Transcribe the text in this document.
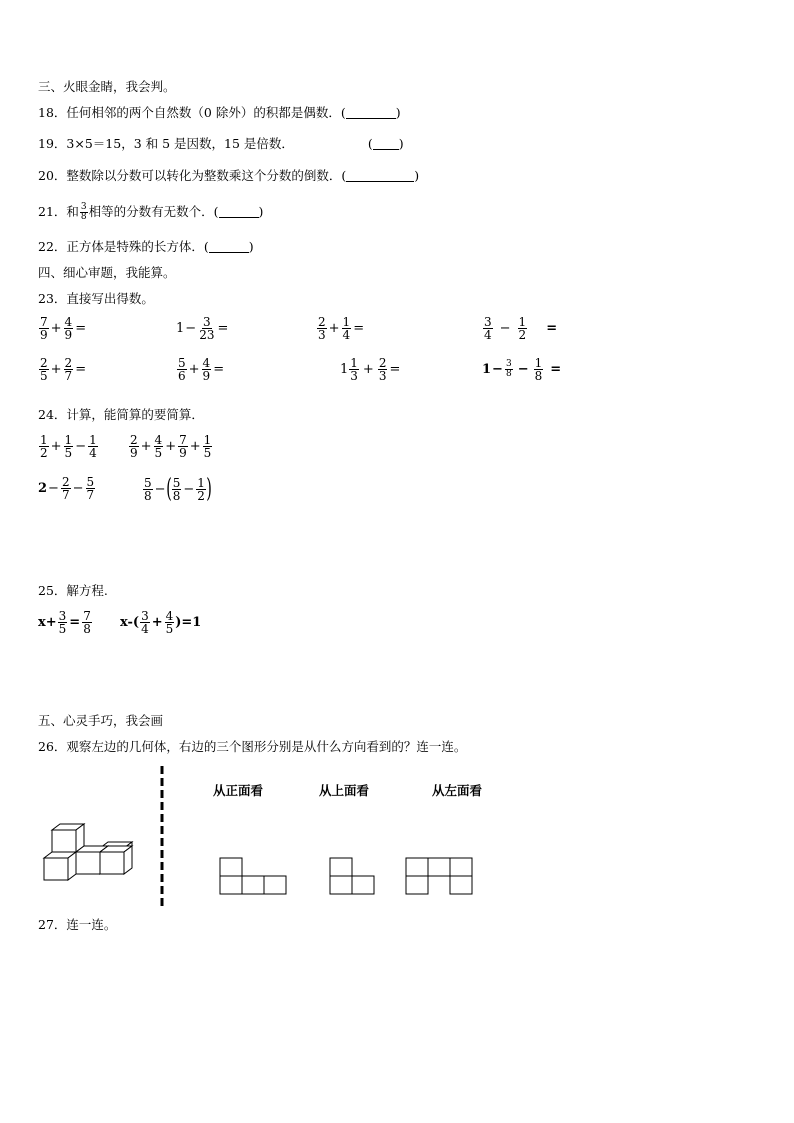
三、火眼金睛，我会判。
18．任何相邻的两个自然数（0 除外）的积都是偶数．(	)
19．3×5＝15，3 和 5 是因数，15 是倍数．	( )
20．整数除以分数可以转化为整数乘这个分数的倒数．(	)
21．和 $\frac{3}{8}$ 相等的分数有无数个．(	)
22．正方体是特殊的长方体．(	)
四、细心审题，我能算。
23．直接写出得数。
$\frac{7}{9} + \frac{4}{9}$ =	$1 - \frac{3}{23}$ =	$\frac{2}{3} + \frac{1}{4}$ =	$\frac{3}{4} - \frac{1}{2}$ =
$\frac{2}{5} + \frac{2}{7}$ =	$\frac{5}{6} + \frac{4}{9}$ =	$1 \frac{1}{3} + \frac{2}{3}$ =	$1 - \frac{3}{8} - \frac{1}{8}$ =
24．计算，能简算的要简算．
$\frac{1}{2} + \frac{1}{5} - \frac{1}{4}$	$\frac{2}{9} + \frac{4}{5} + \frac{7}{9} + \frac{1}{5}$
$2 - \frac{2}{7} - \frac{5}{7}$	$\frac{5}{8}$ − ( $\frac{5}{8} - \frac{1}{2}$ )
25．解方程.
$x+ \frac{3}{5} = \frac{7}{8} x-( \frac{3}{4} + \frac{4}{5} )=1$
五、心灵手巧，我会画
26．观察左边的几何体，右边的三个图形分别是从什么方向看到的？连一连。
从正面看	从上面看	从左面看
27．连一连。
